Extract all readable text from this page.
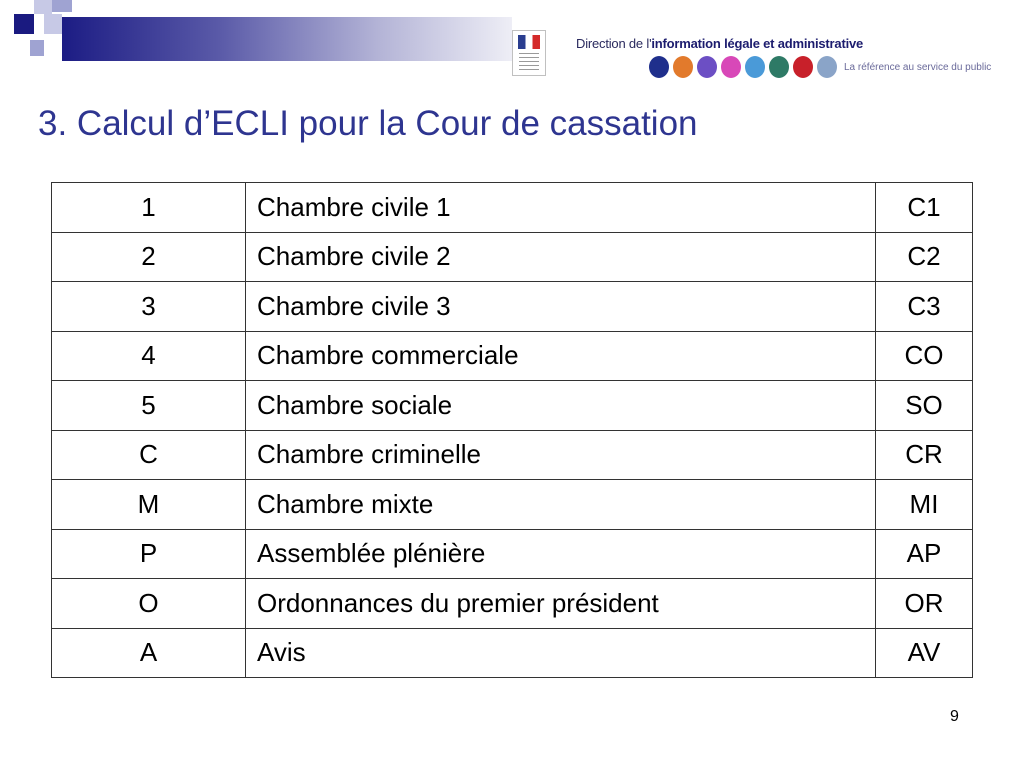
Direction de l'information légale et administrative
La référence au service du public
3. Calcul d’ECLI pour la Cour de cassation
1	Chambre civile 1	C1
2	Chambre civile 2	C2
3	Chambre civile 3	C3
4	Chambre commerciale	CO
5	Chambre sociale	SO
C	Chambre criminelle	CR
M	Chambre mixte	MI
P	Assemblée plénière	AP
O	Ordonnances du premier président	OR
A	Avis	AV
9
